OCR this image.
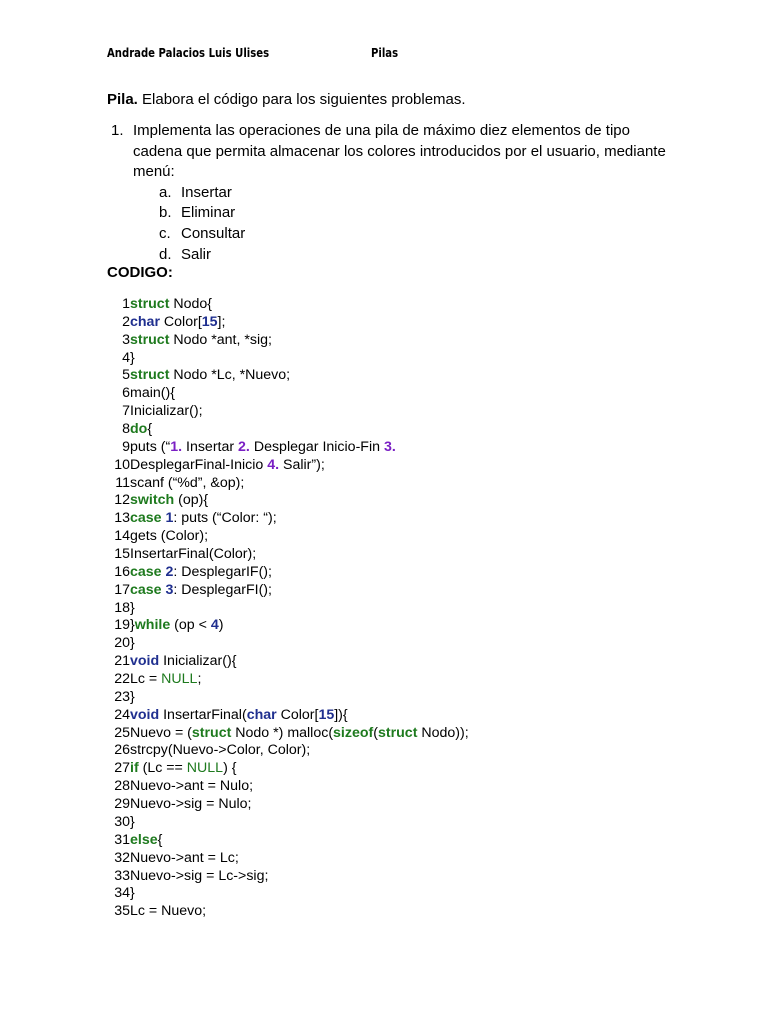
Andrade Palacios Luis Ulises	Pilas

Pila. Elabora el código para los siguientes problemas.

1. Implementa las operaciones de una pila de máximo diez elementos de tipo cadena que permita almacenar los colores introducidos por el usuario, mediante menú:
a. Insertar
b. Eliminar
c. Consultar
d. Salir
CODIGO:
1 struct Nodo{
2 char Color[15];
3 struct Nodo *ant, *sig;
4 }
5 struct Nodo *Lc, *Nuevo;
6 main(){
7 Inicializar();
8 do{
9 puts (“1. Insertar 2. Desplegar Inicio-Fin 3.
10 DesplegarFinal-Inicio 4. Salir”);
11 scanf (“%d”, &op);
12 switch (op){
13 case 1: puts (“Color: “);
14 gets (Color);
15 InsertarFinal(Color);
16 case 2: DesplegarIF();
17 case 3: DesplegarFI();
18 }
19 }while (op < 4)
20 }
21 void Inicializar(){
22 Lc = NULL;
23 }
24 void InsertarFinal(char Color[15]){
25 Nuevo = (struct Nodo *) malloc(sizeof(struct Nodo));
26 strcpy(Nuevo->Color, Color);
27 if (Lc == NULL) {
28 Nuevo->ant = Nulo;
29 Nuevo->sig = Nulo;
30 }
31 else{
32 Nuevo->ant = Lc;
33 Nuevo->sig = Lc->sig;
34 }
35 Lc = Nuevo;
